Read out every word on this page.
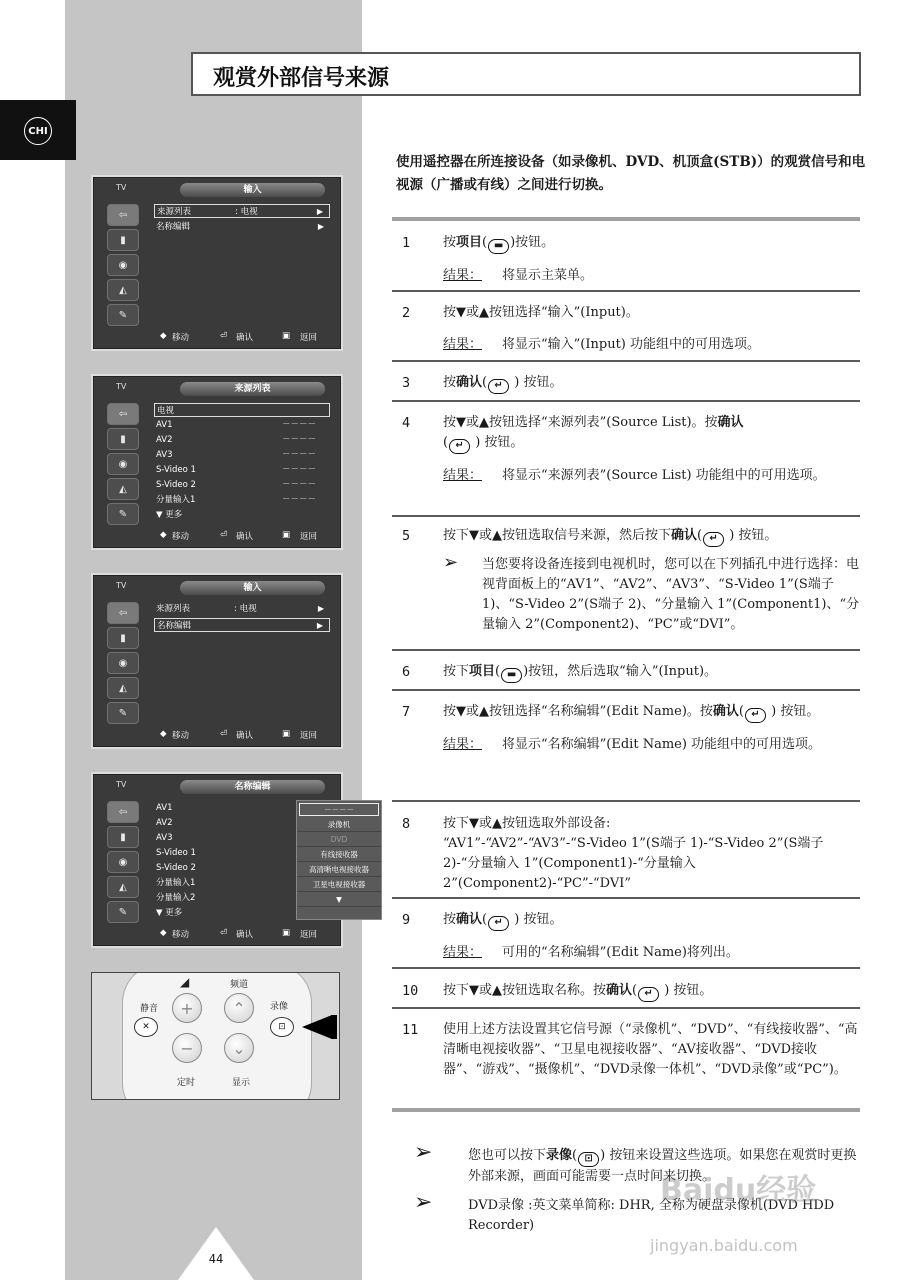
CHI
观赏外部信号来源
使用遥控器在所连接设备（如录像机、DVD、机顶盒(STB)）的观赏信号和电视源（广播或有线）之间进行切换。
TV	输入
⇦
▮
◉
◭
✎
来源列表	: 电视	▶
名称编辑	▶
◆ 移动	⏎ 确认	▣ 返回
TV	来源列表
⇦
▮
◉
◭
✎
电视
AV1	－－－－
AV2	－－－－
AV3	－－－－
S-Video 1	－－－－
S-Video 2	－－－－
分量输入1	－－－－
▼ 更多
◆ 移动	⏎ 确认	▣ 返回
TV	输入
⇦
▮
◉
◭
✎
来源列表	: 电视	▶
名称编辑	▶
◆ 移动	⏎ 确认	▣ 返回
TV	名称编辑
⇦
▮
◉
◭
✎
AV1
AV2
AV3
S-Video 1
S-Video 2
分量输入1
分量输入2
▼ 更多
－－－－
录像机
DVD
有线接收器
高清晰电视接收器
卫星电视接收器
▼
◆ 移动	⏎ 确认	▣ 返回
静音
◢	频道
录像
定时	显示
✕
+
−
⌃
⌄
⊡
1	按项目( ▬ )按钮。
结果： 将显示主菜单。
2	按▼或▲按钮选择“输入”(Input)。
结果： 将显示“输入”(Input) 功能组中的可用选项。
3	按确认( ↵ ) 按钮。
4	按▼或▲按钮选择“来源列表”(Source List)。按确认
( ↵ ) 按钮。
结果： 将显示“来源列表”(Source List) 功能组中的可用选项。
5	按下▼或▲按钮选取信号来源，然后按下确认( ↵ ) 按钮。
➢ 当您要将设备连接到电视机时，您可以在下列插孔中进行选择：电视背面板上的“AV1”、“AV2”、“AV3”、“S-Video 1”(S端子 1)、“S-Video 2”(S端子 2)、“分量输入 1”(Component1)、“分量输入 2”(Component2)、“PC”或“DVI”。
6	按下项目( ▬ )按钮，然后选取“输入”(Input)。
7	按▼或▲按钮选择“名称编辑”(Edit Name)。按确认( ↵ ) 按钮。
结果： 将显示“名称编辑”(Edit Name) 功能组中的可用选项。
8	按下▼或▲按钮选取外部设备:
“AV1”-“AV2”-“AV3”-“S-Video 1”(S端子 1)-“S-Video 2”(S端子 2)-“分量输入 1”(Component1)-“分量输入 2”(Component2)-“PC”-“DVI”
9	按确认( ↵ ) 按钮。
结果： 可用的“名称编辑”(Edit Name)将列出。
10 按下▼或▲按钮选取名称。按确认( ↵ ) 按钮。
11 使用上述方法设置其它信号源（“录像机”、“DVD”、“有线接收器”、“高清晰电视接收器”、“卫星电视接收器”、“AV接收器”、“DVD接收器”、“游戏”、“摄像机”、“DVD录像一体机”、“DVD录像”或“PC”)。
➢	您也可以按下录像( ⊡ ) 按钮来设置这些选项。如果您在观赏时更换外部来源，画面可能需要一点时间来切换。
➢	DVD录像 :英文菜单简称: DHR, 全称为硬盘录像机(DVD HDD Recorder)
Baidu经验
jingyan.baidu.com
44
